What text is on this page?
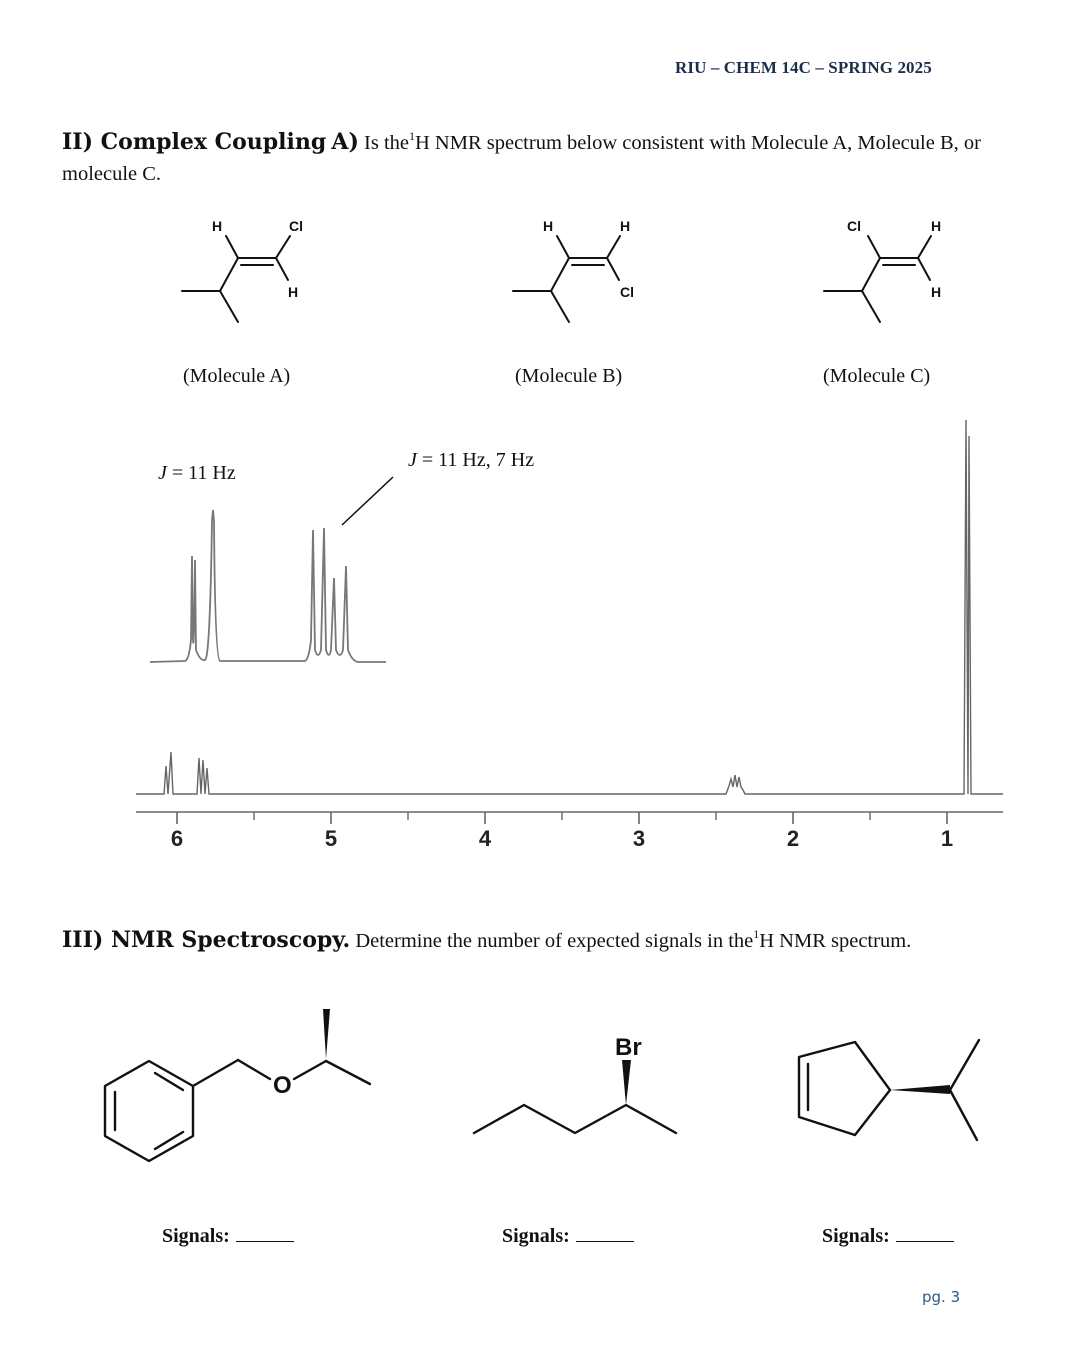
RIU – CHEM 14C – SPRING 2025
II) Complex Coupling A) Is the$^1$H NMR spectrum below consistent with Molecule A, Molecule B, or molecule C.
H	Cl
H
H	H
Cl
Cl	H
H
(Molecule A)	(Molecule B)	(Molecule C)
J = 11 Hz
J = 11 Hz, 7 Hz
6	5	4	3	2	1
III) NMR Spectroscopy. Determine the number of expected signals in the$^1$H NMR spectrum.
O
Br
Signals:	Signals:	Signals:
pg. 3
